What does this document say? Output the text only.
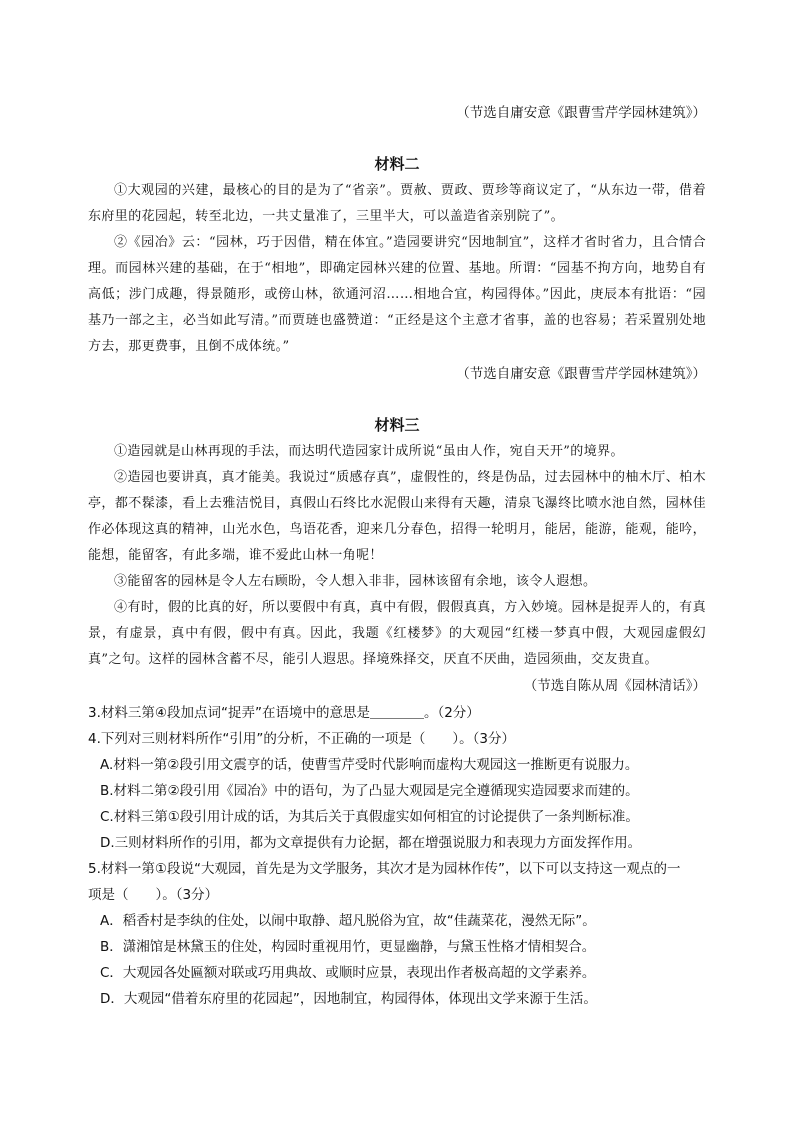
（节选自庸安意《跟曹雪芹学园林建筑》）
材料二
①大观园的兴建，最核心的目的是为了“省亲”。贾赦、贾政、贾珍等商议定了，“从东边一带，借着东府里的花园起，转至北边，一共丈量准了，三里半大，可以盖造省亲别院了”。
②《园冶》云：“园林，巧于因借，精在体宜。”造园要讲究“因地制宜”，这样才省时省力，且合情合理。而园林兴建的基础，在于“相地”，即确定园林兴建的位置、基地。所谓：“园基不拘方向，地势自有高低；涉门成趣，得景随形，或傍山林，欲通河沼……相地合宜，构园得体。”因此，庚辰本有批语：“园基乃一部之主，必当如此写清。”而贾琏也盛赞道：“正经是这个主意才省事，盖的也容易；若采置别处地方去，那更费事，且倒不成体统。”
（节选自庸安意《跟曹雪芹学园林建筑》）
材料三
①造园就是山林再现的手法，而达明代造园家计成所说“虽由人作，宛自天开”的境界。
②造园也要讲真，真才能美。我说过“质感存真”，虚假性的，终是伪品，过去园林中的柚木厅、柏木亭，都不髹漆，看上去雅洁悦目，真假山石终比水泥假山来得有天趣，清泉飞瀑终比喷水池自然，园林佳作必体现这真的精神，山光水色，鸟语花香，迎来几分春色，招得一轮明月，能居，能游，能观，能吟，能想，能留客，有此多端，谁不爱此山林一角呢！
③能留客的园林是令人左右顾盼，令人想入非非，园林该留有余地，该令人遐想。
④有时，假的比真的好，所以要假中有真，真中有假，假假真真，方入妙境。园林是捉弄人的，有真景，有虚景，真中有假，假中有真。因此，我题《红楼梦》的大观园“红楼一梦真中假，大观园虚假幻真”之句。这样的园林含蓄不尽，能引人遐思。择境殊择交，厌直不厌曲，造园须曲，交友贵直。
（节选自陈从周《园林清话》）
3.材料三第④段加点词“捉弄”在语境中的意思是＿＿＿＿。（2分）
4.下列对三则材料所作“引用”的分析，不正确的一项是（　　）。（3分）
A.材料一第②段引用文震亨的话，使曹雪芹受时代影响而虚构大观园这一推断更有说服力。
B.材料二第②段引用《园冶》中的语句，为了凸显大观园是完全遵循现实造园要求而建的。
C.材料三第①段引用计成的话，为其后关于真假虚实如何相宜的讨论提供了一条判断标准。
D.三则材料所作的引用，都为文章提供有力论据，都在增强说服力和表现力方面发挥作用。
5.材料一第①段说“大观园，首先是为文学服务，其次才是为园林作传”，以下可以支持这一观点的一
项是（　　）。（3分）
A．稻香村是李纨的住处，以闹中取静、超凡脱俗为宜，故“佳蔬菜花，漫然无际”。
B．潇湘馆是林黛玉的住处，构园时重视用竹，更显幽静，与黛玉性格才情相契合。
C．大观园各处匾额对联或巧用典故、或顺时应景，表现出作者极高超的文学素养。
D．大观园“借着东府里的花园起”，因地制宜，构园得体，体现出文学来源于生活。
